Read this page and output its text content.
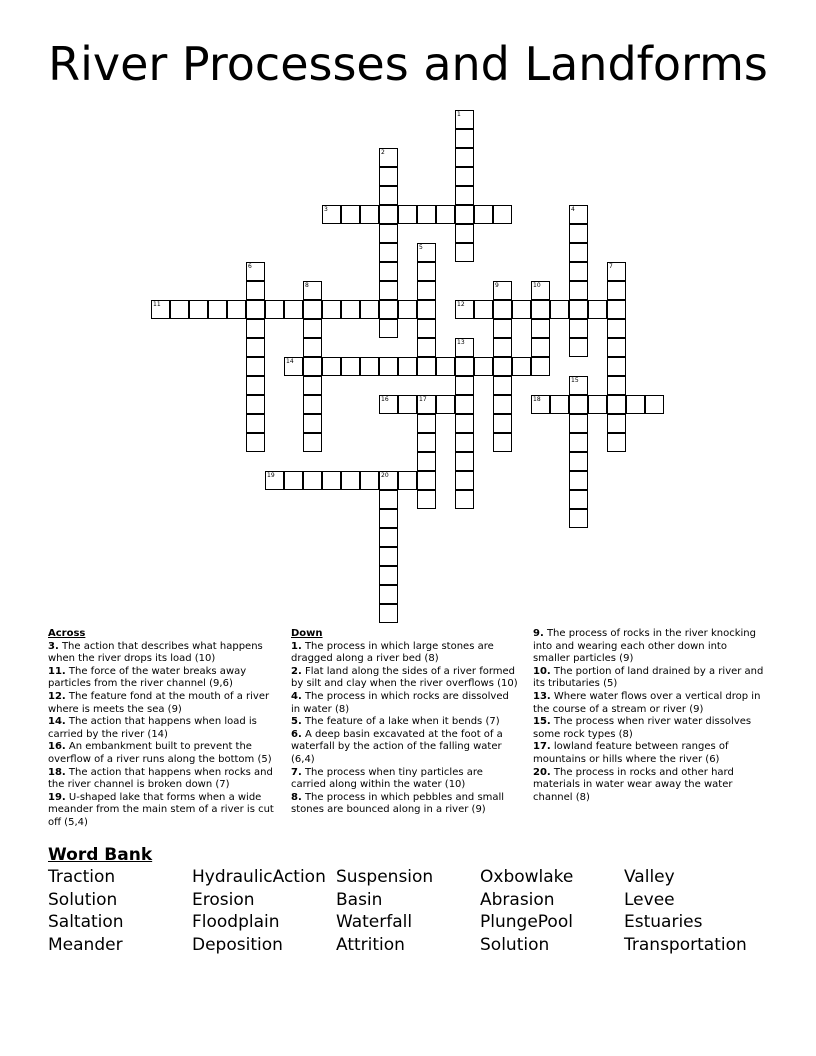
River Processes and Landforms
1
2
3	4
5
6	7
8	9	10
11	12
13
14
15
16	17	18
19	20
Across
3. The action that describes what happens when the river drops its load (10)
11. The force of the water breaks away particles from the river channel (9,6)
12. The feature fond at the mouth of a river where is meets the sea (9)
14. The action that happens when load is carried by the river (14)
16. An embankment built to prevent the overflow of a river runs along the bottom (5)
18. The action that happens when rocks and the river channel is broken down (7)
19. U-shaped lake that forms when a wide meander from the main stem of a river is cut off (5,4)
Down
1. The process in which large stones are dragged along a river bed (8)
2. Flat land along the sides of a river formed by silt and clay when the river overflows (10)
4. The process in which rocks are dissolved in water (8)
5. The feature of a lake when it bends (7)
6. A deep basin excavated at the foot of a waterfall by the action of the falling water (6,4)
7. The process when tiny particles are carried along within the water (10)
8. The process in which pebbles and small stones are bounced along in a river (9)
9. The process of rocks in the river knocking into and wearing each other down into smaller particles (9)
10. The portion of land drained by a river and its tributaries (5)
13. Where water flows over a vertical drop in the course of a stream or river (9)
15. The process when river water dissolves some rock types (8)
17. lowland feature between ranges of mountains or hills where the river (6)
20. The process in rocks and other hard materials in water wear away the water channel (8)
Word Bank
Traction
Solution
Saltation
Meander
HydraulicAction
Erosion
Floodplain
Deposition
Suspension
Basin
Waterfall
Attrition
Oxbowlake
Abrasion
PlungePool
Solution
Valley
Levee
Estuaries
Transportation
